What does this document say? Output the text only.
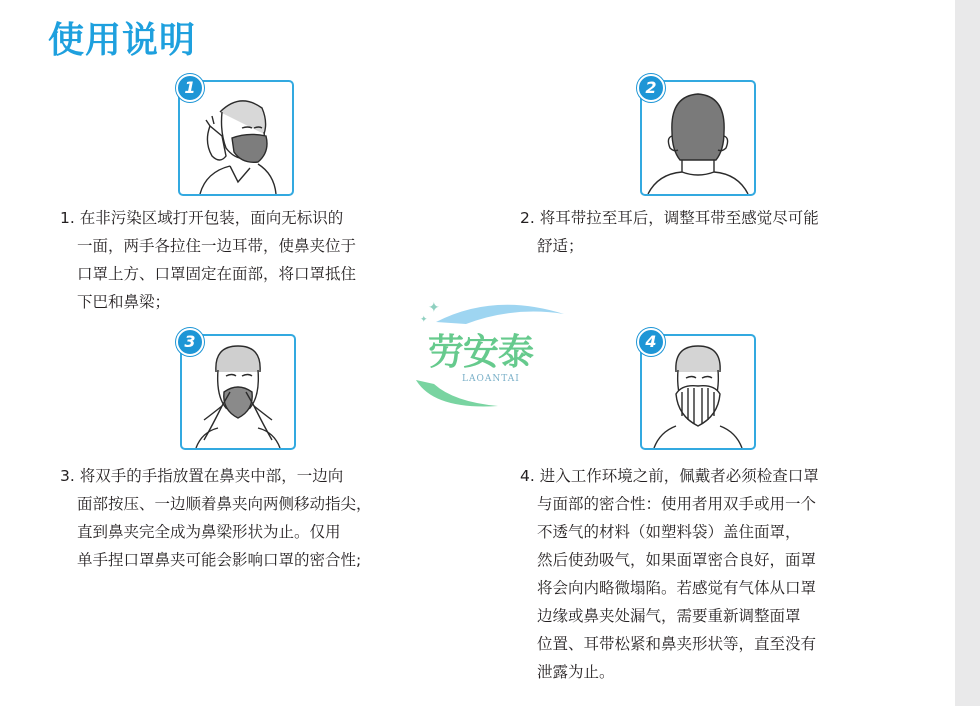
使用说明
1	2
3	4
✦
✦
劳安泰
LAOANTAI
1. 在非污染区域打开包装，面向无标识的
一面，两手各拉住一边耳带，使鼻夹位于
口罩上方、口罩固定在面部，将口罩抵住
下巴和鼻梁；
2. 将耳带拉至耳后，调整耳带至感觉尽可能
舒适；
3. 将双手的手指放置在鼻夹中部，一边向
面部按压、一边顺着鼻夹向两侧移动指尖，
直到鼻夹完全成为鼻梁形状为止。仅用
单手捏口罩鼻夹可能会影响口罩的密合性;
4. 进入工作环境之前，佩戴者必须检查口罩
与面部的密合性：使用者用双手或用一个
不透气的材料（如塑料袋）盖住面罩，
然后使劲吸气，如果面罩密合良好，面罩
将会向内略微塌陷。若感觉有气体从口罩
边缘或鼻夹处漏气，需要重新调整面罩
位置、耳带松紧和鼻夹形状等，直至没有
泄露为止。
